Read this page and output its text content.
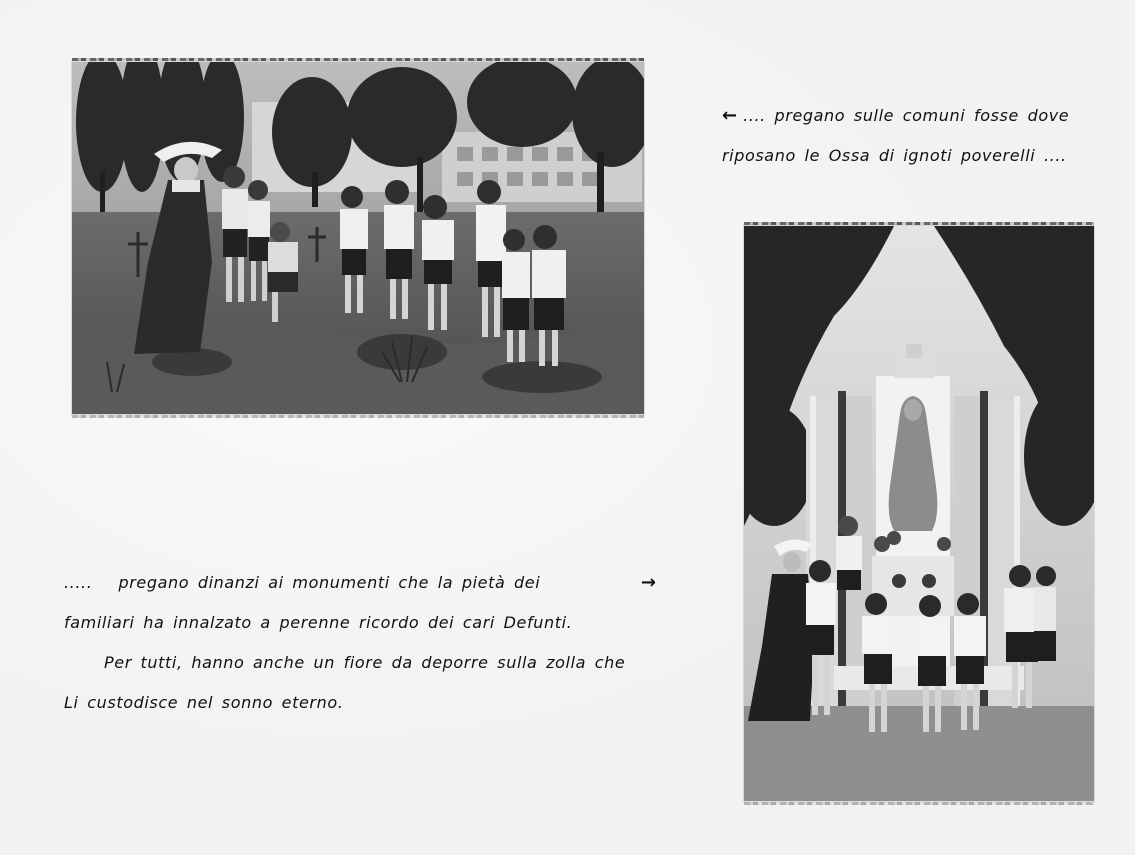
← .... pregano sulle comuni fosse dove
riposano le Ossa di ignoti poverelli ....
.....   pregano dinanzi ai monumenti che la pietà dei	→
familiari ha innalzato a perenne ricordo dei cari Defunti.
Per tutti, hanno anche un fiore da deporre sulla zolla che
Li custodisce nel sonno eterno.
